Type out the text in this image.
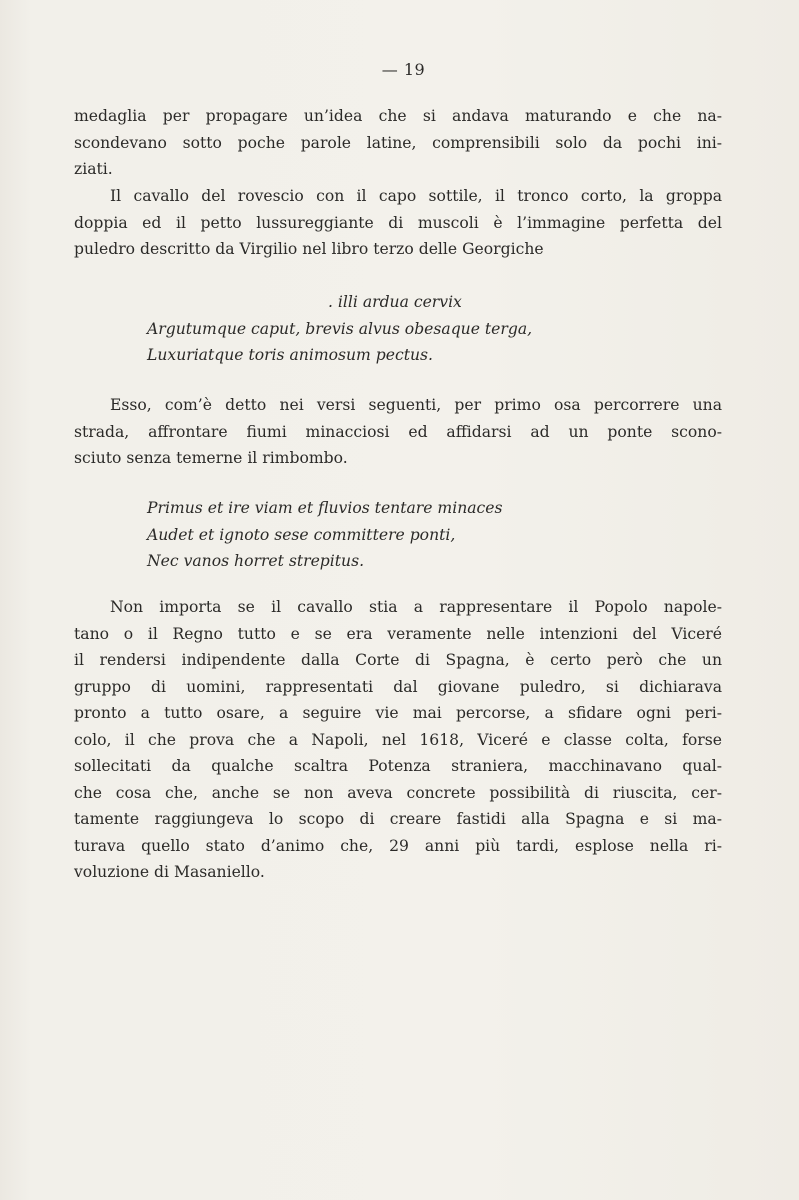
— 19
medaglia per propagare un’idea che si andava maturando e che na-
scondevano sotto poche parole latine, comprensibili solo da pochi ini-
ziati.
Il cavallo del rovescio con il capo sottile, il tronco corto, la groppa
doppia ed il petto lussureggiante di muscoli è l’immagine perfetta del
puledro descritto da Virgilio nel libro terzo delle Georgiche
. illi ardua cervix
Argutumque caput, brevis alvus obesaque terga,
Luxuriatque toris animosum pectus.
Esso, com’è detto nei versi seguenti, per primo osa percorrere una
strada, affrontare fiumi minacciosi ed affidarsi ad un ponte scono-
sciuto senza temerne il rimbombo.
Primus et ire viam et fluvios tentare minaces
Audet et ignoto sese committere ponti,
Nec vanos horret strepitus.
Non importa se il cavallo stia a rappresentare il Popolo napole-
tano o il Regno tutto e se era veramente nelle intenzioni del Viceré
il rendersi indipendente dalla Corte di Spagna, è certo però che un
gruppo di uomini, rappresentati dal giovane puledro, si dichiarava
pronto a tutto osare, a seguire vie mai percorse, a sfidare ogni peri-
colo, il che prova che a Napoli, nel 1618, Viceré e classe colta, forse
sollecitati da qualche scaltra Potenza straniera, macchinavano qual-
che cosa che, anche se non aveva concrete possibilità di riuscita, cer-
tamente raggiungeva lo scopo di creare fastidi alla Spagna e si ma-
turava quello stato d’animo che, 29 anni più tardi, esplose nella ri-
voluzione di Masaniello.
